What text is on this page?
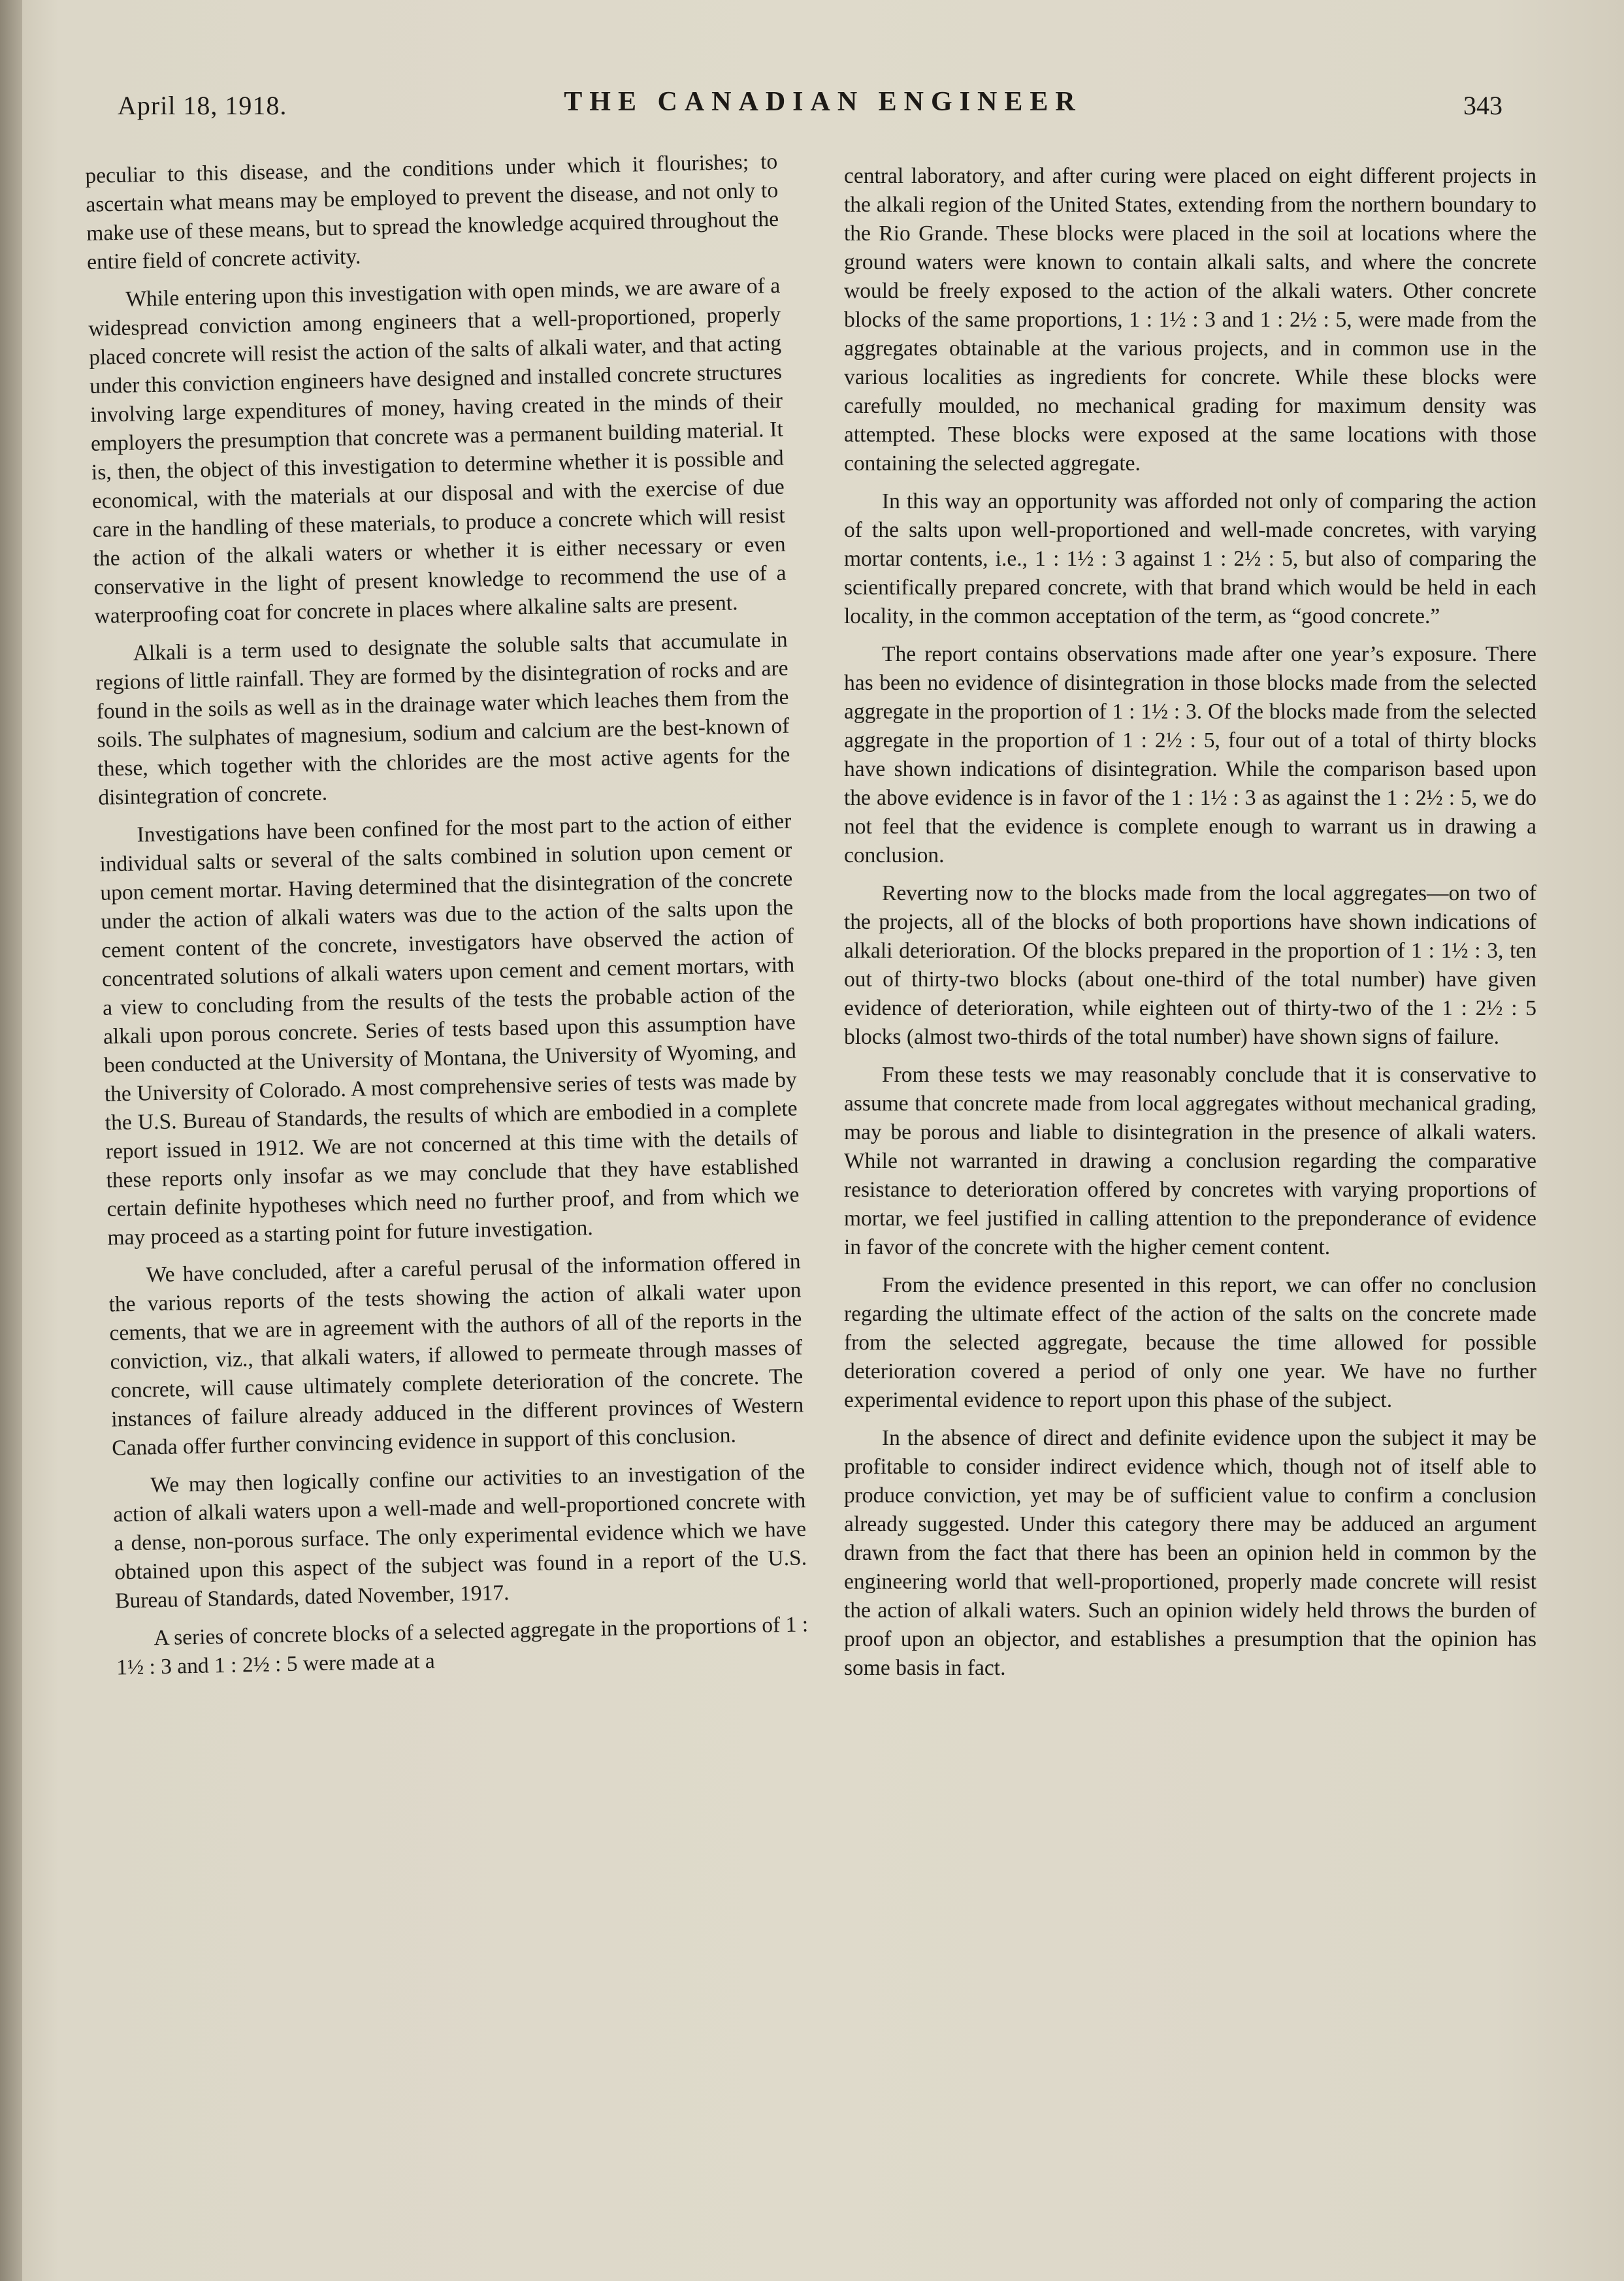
April 18, 1918.	THE CANADIAN ENGINEER	343

peculiar to this disease, and the conditions under which it flourishes; to ascertain what means may be employed to prevent the disease, and not only to make use of these means, but to spread the knowledge acquired throughout the entire field of concrete activity.

While entering upon this investigation with open minds, we are aware of a widespread conviction among engineers that a well-proportioned, properly placed concrete will resist the action of the salts of alkali water, and that acting under this conviction engineers have designed and installed concrete structures involving large expenditures of money, having created in the minds of their employers the presumption that concrete was a permanent building material. It is, then, the object of this investigation to determine whether it is possible and economical, with the materials at our disposal and with the exercise of due care in the handling of these materials, to produce a concrete which will resist the action of the alkali waters or whether it is either necessary or even conservative in the light of present knowledge to recommend the use of a waterproofing coat for concrete in places where alkaline salts are present.

Alkali is a term used to designate the soluble salts that accumulate in regions of little rainfall. They are formed by the disintegration of rocks and are found in the soils as well as in the drainage water which leaches them from the soils. The sulphates of magnesium, sodium and calcium are the best-known of these, which together with the chlorides are the most active agents for the disintegration of concrete.

Investigations have been confined for the most part to the action of either individual salts or several of the salts combined in solution upon cement or upon cement mortar. Having determined that the disintegration of the concrete under the action of alkali waters was due to the action of the salts upon the cement content of the concrete, investigators have observed the action of concentrated solutions of alkali waters upon cement and cement mortars, with a view to concluding from the results of the tests the probable action of the alkali upon porous concrete. Series of tests based upon this assumption have been conducted at the University of Montana, the University of Wyoming, and the University of Colorado. A most comprehensive series of tests was made by the U.S. Bureau of Standards, the results of which are embodied in a complete report issued in 1912. We are not concerned at this time with the details of these reports only insofar as we may conclude that they have established certain definite hypotheses which need no further proof, and from which we may proceed as a starting point for future investigation.

We have concluded, after a careful perusal of the information offered in the various reports of the tests showing the action of alkali water upon cements, that we are in agreement with the authors of all of the reports in the conviction, viz., that alkali waters, if allowed to permeate through masses of concrete, will cause ultimately complete deterioration of the concrete. The instances of failure already adduced in the different provinces of Western Canada offer further convincing evidence in support of this conclusion.

We may then logically confine our activities to an investigation of the action of alkali waters upon a well-made and well-proportioned concrete with a dense, non-porous surface. The only experimental evidence which we have obtained upon this aspect of the subject was found in a report of the U.S. Bureau of Standards, dated November, 1917.

A series of concrete blocks of a selected aggregate in the proportions of 1 : 1½ : 3 and 1 : 2½ : 5 were made at a

central laboratory, and after curing were placed on eight different projects in the alkali region of the United States, extending from the northern boundary to the Rio Grande. These blocks were placed in the soil at locations where the ground waters were known to contain alkali salts, and where the concrete would be freely exposed to the action of the alkali waters. Other concrete blocks of the same proportions, 1 : 1½ : 3 and 1 : 2½ : 5, were made from the aggregates obtainable at the various projects, and in common use in the various localities as ingredients for concrete. While these blocks were carefully moulded, no mechanical grading for maximum density was attempted. These blocks were exposed at the same locations with those containing the selected aggregate.

In this way an opportunity was afforded not only of comparing the action of the salts upon well-proportioned and well-made concretes, with varying mortar contents, i.e., 1 : 1½ : 3 against 1 : 2½ : 5, but also of comparing the scientifically prepared concrete, with that brand which would be held in each locality, in the common acceptation of the term, as “good concrete.”

The report contains observations made after one year’s exposure. There has been no evidence of disintegration in those blocks made from the selected aggregate in the proportion of 1 : 1½ : 3. Of the blocks made from the selected aggregate in the proportion of 1 : 2½ : 5, four out of a total of thirty blocks have shown indications of disintegration. While the comparison based upon the above evidence is in favor of the 1 : 1½ : 3 as against the 1 : 2½ : 5, we do not feel that the evidence is complete enough to warrant us in drawing a conclusion.

Reverting now to the blocks made from the local aggregates—on two of the projects, all of the blocks of both proportions have shown indications of alkali deterioration. Of the blocks prepared in the proportion of 1 : 1½ : 3, ten out of thirty-two blocks (about one-third of the total number) have given evidence of deterioration, while eighteen out of thirty-two of the 1 : 2½ : 5 blocks (almost two-thirds of the total number) have shown signs of failure.

From these tests we may reasonably conclude that it is conservative to assume that concrete made from local aggregates without mechanical grading, may be porous and liable to disintegration in the presence of alkali waters. While not warranted in drawing a conclusion regarding the comparative resistance to deterioration offered by concretes with varying proportions of mortar, we feel justified in calling attention to the preponderance of evidence in favor of the concrete with the higher cement content.

From the evidence presented in this report, we can offer no conclusion regarding the ultimate effect of the action of the salts on the concrete made from the selected aggregate, because the time allowed for possible deterioration covered a period of only one year. We have no further experimental evidence to report upon this phase of the subject.

In the absence of direct and definite evidence upon the subject it may be profitable to consider indirect evidence which, though not of itself able to produce conviction, yet may be of sufficient value to confirm a conclusion already suggested. Under this category there may be adduced an argument drawn from the fact that there has been an opinion held in common by the engineering world that well-proportioned, properly made concrete will resist the action of alkali waters. Such an opinion widely held throws the burden of proof upon an objector, and establishes a presumption that the opinion has some basis in fact.
